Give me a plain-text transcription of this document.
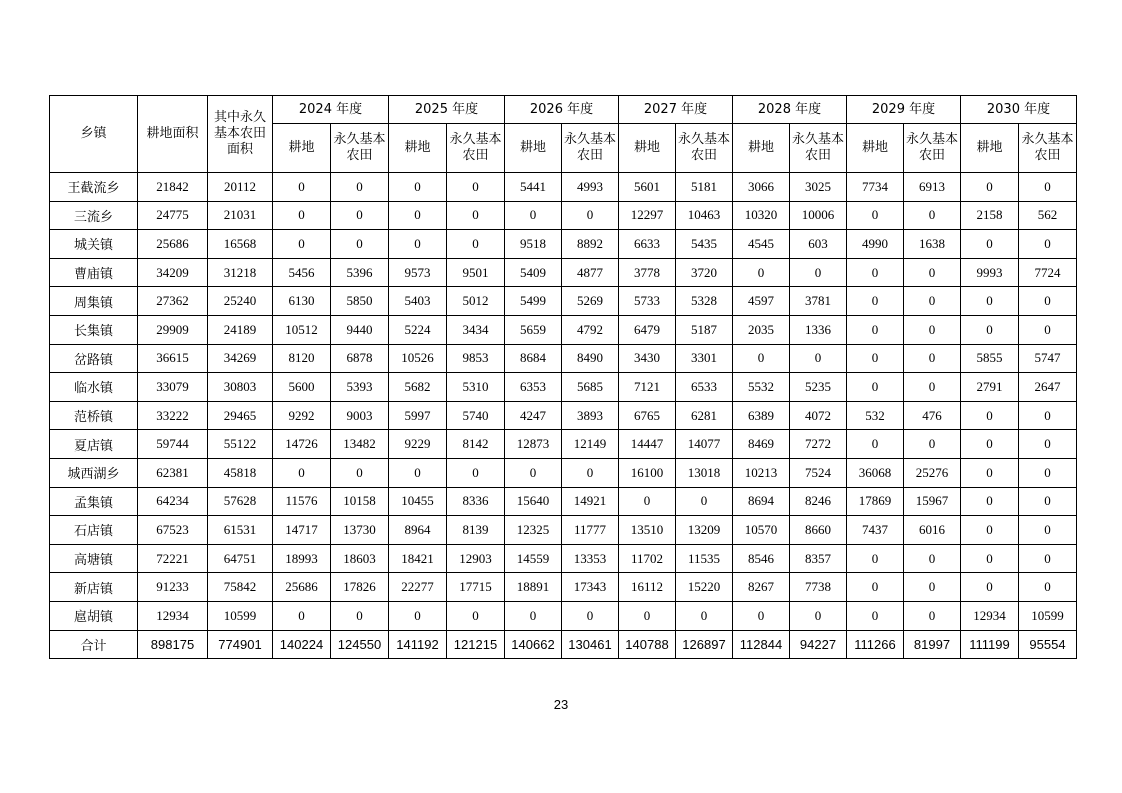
乡镇	耕地面积	其中永久基本农田面积	2024 年度		2025 年度		2026 年度		2027 年度		2028 年度		2029 年度		2030 年度	
			耕地	永久基本农田	耕地	永久基本农田	耕地	永久基本农田	耕地	永久基本农田	耕地	永久基本农田	耕地	永久基本农田	耕地	永久基本农田
王截流乡	21842	20112	0	0	0	0	5441	4993	5601	5181	3066	3025	7734	6913	0	0
三流乡	24775	21031	0	0	0	0	0	0	12297	10463	10320	10006	0	0	2158	562
城关镇	25686	16568	0	0	0	0	9518	8892	6633	5435	4545	603	4990	1638	0	0
曹庙镇	34209	31218	5456	5396	9573	9501	5409	4877	3778	3720	0	0	0	0	9993	7724
周集镇	27362	25240	6130	5850	5403	5012	5499	5269	5733	5328	4597	3781	0	0	0	0
长集镇	29909	24189	10512	9440	5224	3434	5659	4792	6479	5187	2035	1336	0	0	0	0
岔路镇	36615	34269	8120	6878	10526	9853	8684	8490	3430	3301	0	0	0	0	5855	5747
临水镇	33079	30803	5600	5393	5682	5310	6353	5685	7121	6533	5532	5235	0	0	2791	2647
范桥镇	33222	29465	9292	9003	5997	5740	4247	3893	6765	6281	6389	4072	532	476	0	0
夏店镇	59744	55122	14726	13482	9229	8142	12873	12149	14447	14077	8469	7272	0	0	0	0
城西湖乡	62381	45818	0	0	0	0	0	0	16100	13018	10213	7524	36068	25276	0	0
孟集镇	64234	57628	11576	10158	10455	8336	15640	14921	0	0	8694	8246	17869	15967	0	0
石店镇	67523	61531	14717	13730	8964	8139	12325	11777	13510	13209	10570	8660	7437	6016	0	0
高塘镇	72221	64751	18993	18603	18421	12903	14559	13353	11702	11535	8546	8357	0	0	0	0
新店镇	91233	75842	25686	17826	22277	17715	18891	17343	16112	15220	8267	7738	0	0	0	0
扈胡镇	12934	10599	0	0	0	0	0	0	0	0	0	0	0	0	12934	10599
合计	898175	774901	140224	124550	141192	121215	140662	130461	140788	126897	112844	94227	111266	81997	111199	95554
23
